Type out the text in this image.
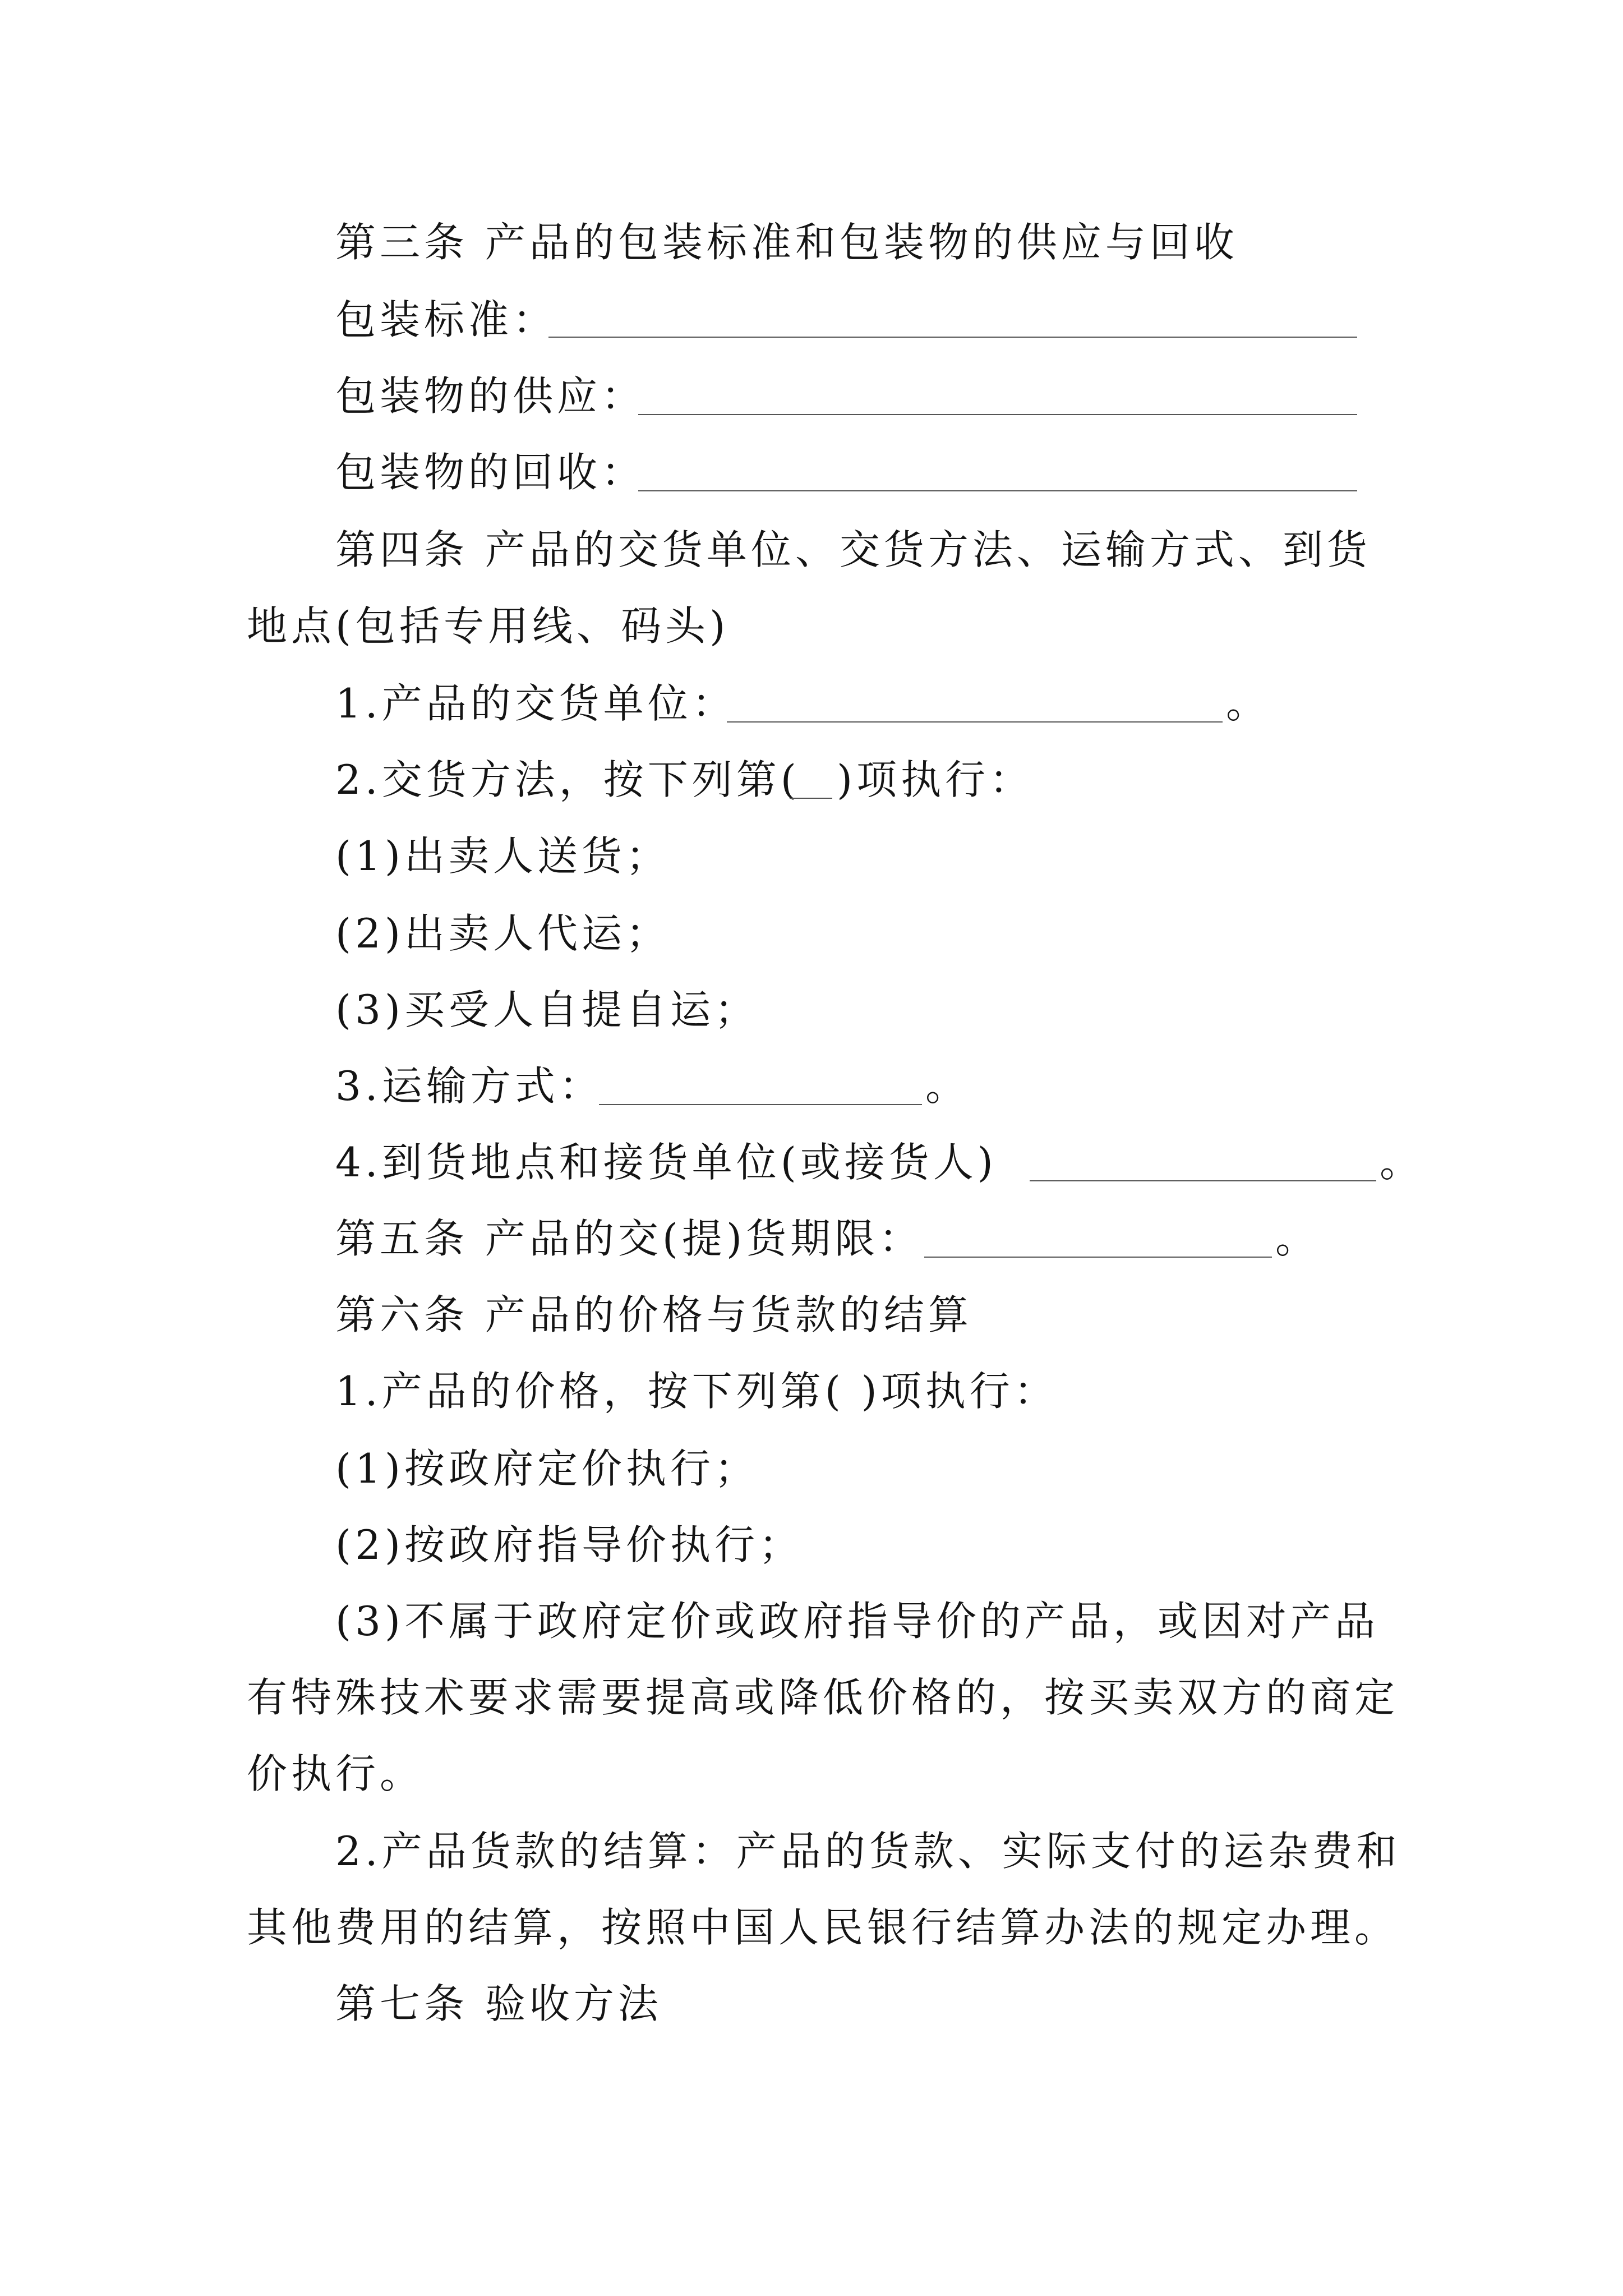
第三条 产品的包装标准和包装物的供应与回收

包装标准：

包装物的供应：

包装物的回收：

第四条 产品的交货单位、交货方法、运输方式、到货

地点(包括专用线、码头)

1.产品的交货单位：	。

2.交货方法，按下列第( )项执行：

(1)出卖人送货；

(2)出卖人代运；

(3)买受人自提自运；

3.运输方式：	。

4.到货地点和接货单位(或接货人)	。

第五条 产品的交(提)货期限：	。

第六条 产品的价格与货款的结算

1.产品的价格，按下列第( )项执行：

(1)按政府定价执行；

(2)按政府指导价执行；

(3)不属于政府定价或政府指导价的产品，或因对产品

有特殊技术要求需要提高或降低价格的，按买卖双方的商定

价执行。

2.产品货款的结算：产品的货款、实际支付的运杂费和

其他费用的结算，按照中国人民银行结算办法的规定办理。

第七条 验收方法
